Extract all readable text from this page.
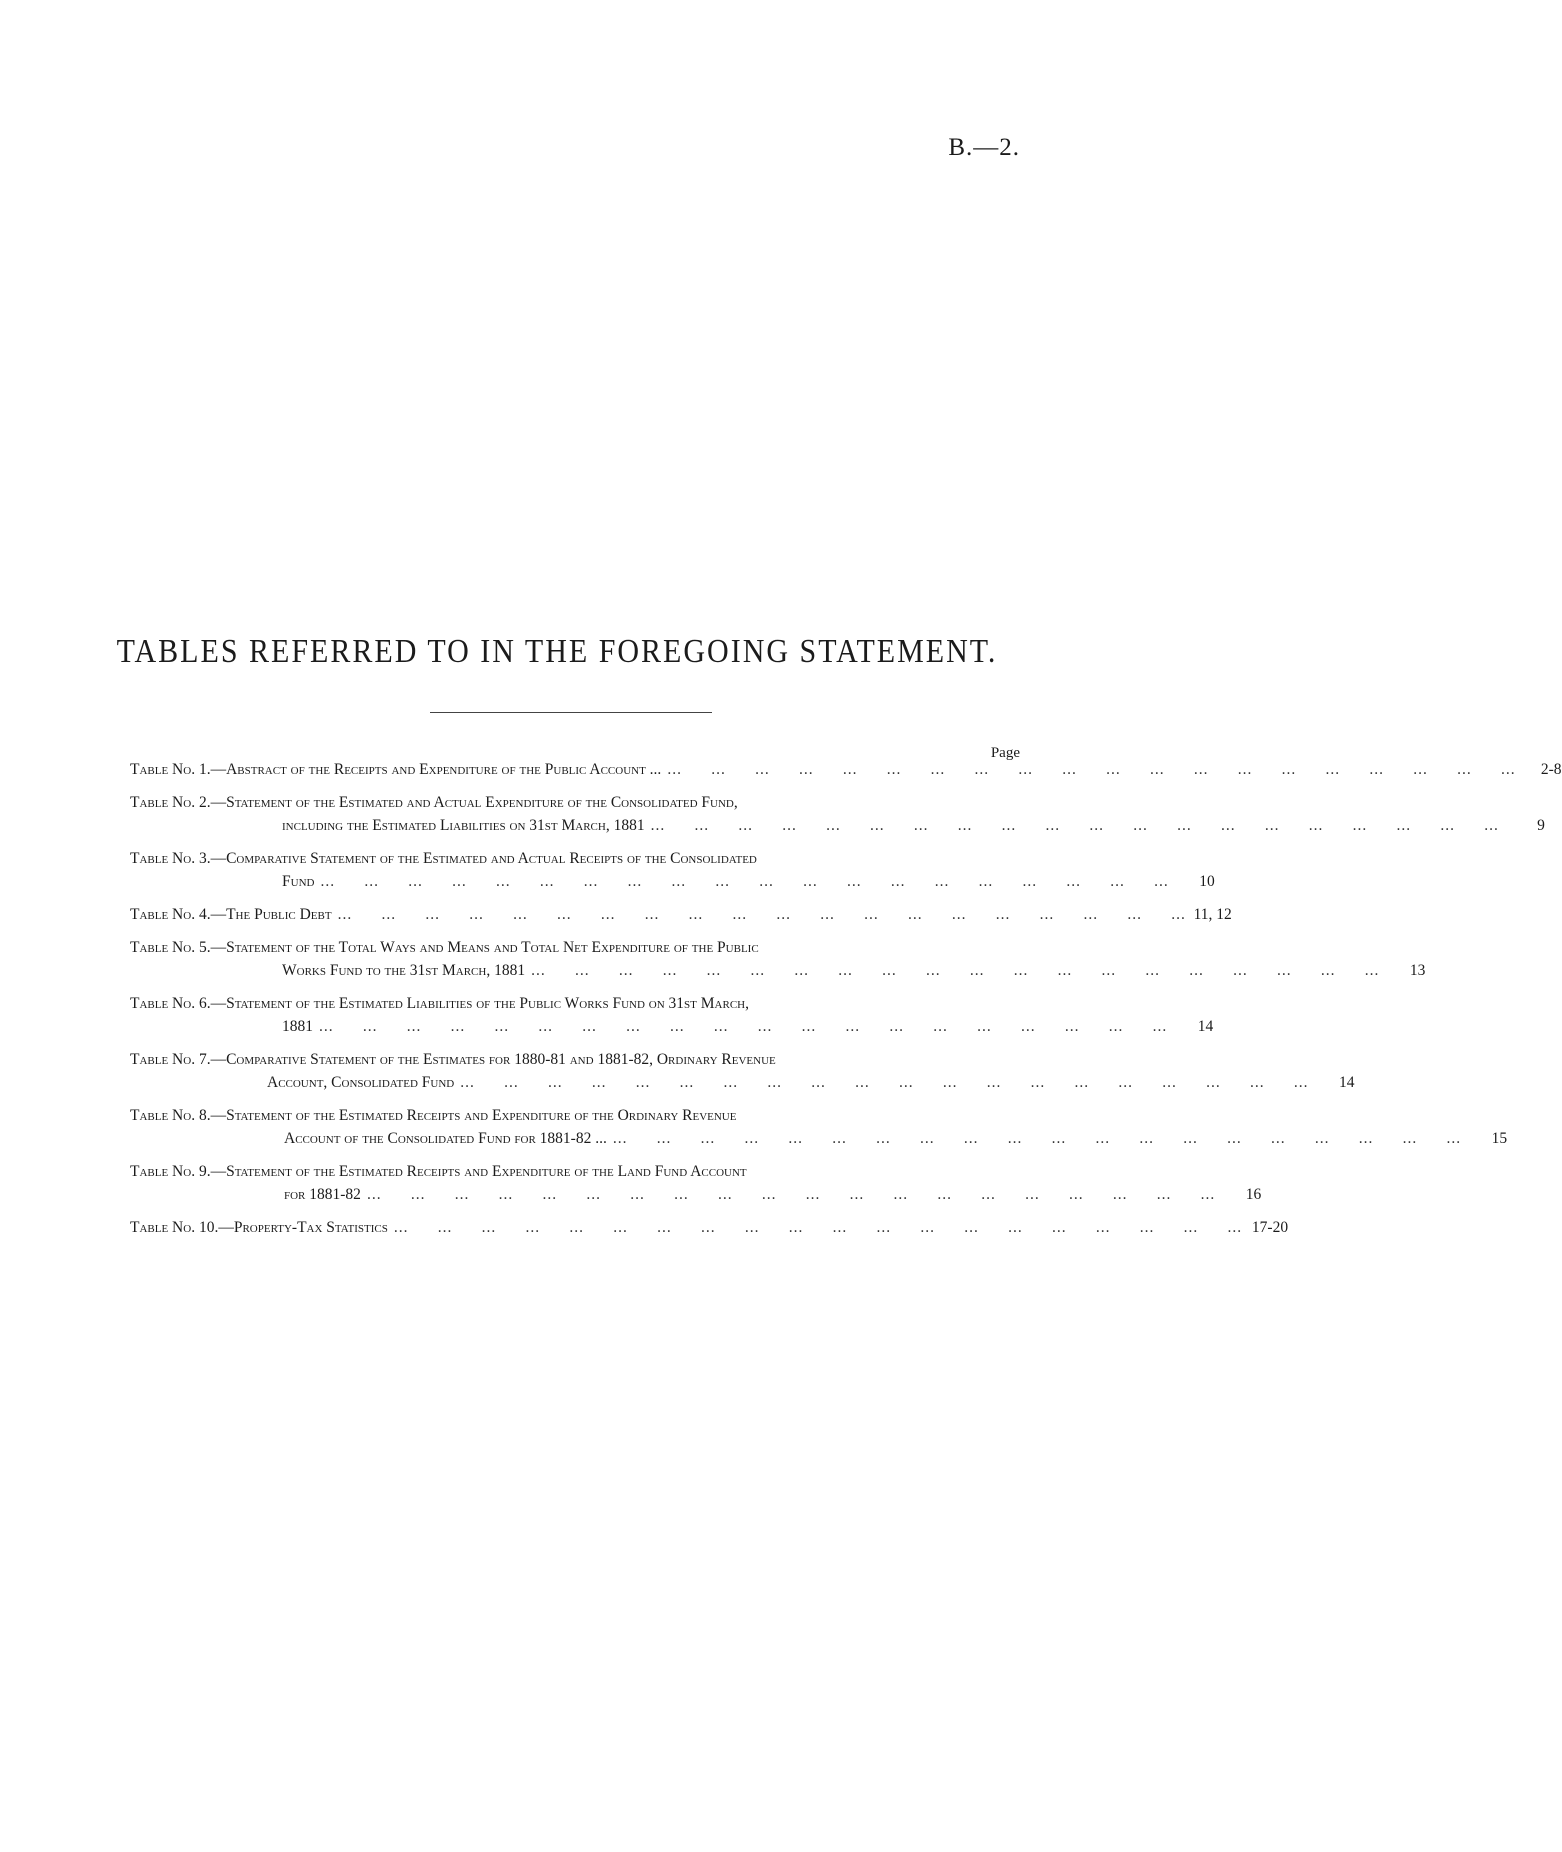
B.—2.
TABLES REFERRED TO IN THE FOREGOING STATEMENT.
Page
Table No. 1.— Abstract of the Receipts and Expenditure of the Public Account ... ...	2-8
Table No. 2.— Statement of the Estimated and Actual Expenditure of the Consolidated Fund,
including the Estimated Liabilities on 31st March, 1881 ...	9
Table No. 3.— Comparative Statement of the Estimated and Actual Receipts of the Consolidated
Fund ...	10
Table No. 4.— The Public Debt ...	11, 12
Table No. 5.— Statement of the Total Ways and Means and Total Net Expenditure of the Public
Works Fund to the 31st March, 1881 ...	13
Table No. 6.— Statement of the Estimated Liabilities of the Public Works Fund on 31st March,
1881 ...	14
Table No. 7.— Comparative Statement of the Estimates for 1880-81 and 1881-82, Ordinary Revenue
Account, Consolidated Fund ...	14
Table No. 8.— Statement of the Estimated Receipts and Expenditure of the Ordinary Revenue
Account of the Consolidated Fund for 1881-82 ... ...	15
Table No. 9.— Statement of the Estimated Receipts and Expenditure of the Land Fund Account
for 1881-82 ...	16
Table No. 10.— Property-Tax Statistics ...	17-20
